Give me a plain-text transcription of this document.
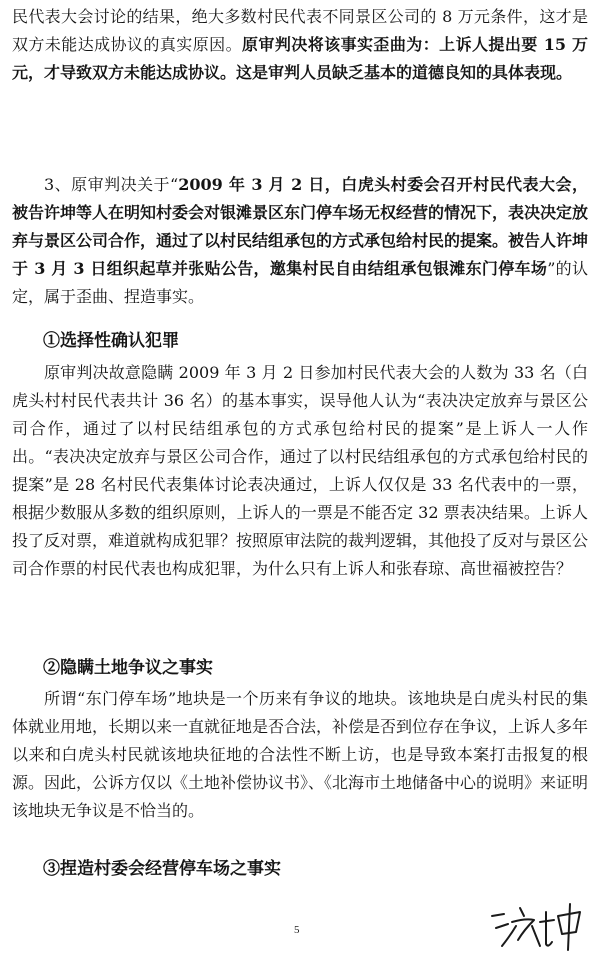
民代表大会讨论的结果，绝大多数村民代表不同景区公司的 8 万元条件，这才是双方未能达成协议的真实原因。原审判决将该事实歪曲为：上诉人提出要 15 万元，才导致双方未能达成协议。这是审判人员缺乏基本的道德良知的具体表现。

3、原审判决关于“2009 年 3 月 2 日，白虎头村委会召开村民代表大会，被告许坤等人在明知村委会对银滩景区东门停车场无权经营的情况下，表决决定放弃与景区公司合作，通过了以村民结组承包的方式承包给村民的提案。被告人许坤于 3 月 3 日组织起草并张贴公告，邀集村民自由结组承包银滩东门停车场”的认定，属于歪曲、捏造事实。

①选择性确认犯罪

原审判决故意隐瞒 2009 年 3 月 2 日参加村民代表大会的人数为 33 名（白虎头村村民代表共计 36 名）的基本事实，误导他人认为“表决决定放弃与景区公司合作，通过了以村民结组承包的方式承包给村民的提案”是上诉人一人作出。“表决决定放弃与景区公司合作，通过了以村民结组承包的方式承包给村民的提案”是 28 名村民代表集体讨论表决通过，上诉人仅仅是 33 名代表中的一票，根据少数服从多数的组织原则，上诉人的一票是不能否定 32 票表决结果。上诉人投了反对票，难道就构成犯罪？按照原审法院的裁判逻辑，其他投了反对与景区公司合作票的村民代表也构成犯罪，为什么只有上诉人和张春琼、高世福被控告？

②隐瞒土地争议之事实

所谓“东门停车场”地块是一个历来有争议的地块。该地块是白虎头村民的集体就业用地，长期以来一直就征地是否合法，补偿是否到位存在争议，上诉人多年以来和白虎头村民就该地块征地的合法性不断上访，也是导致本案打击报复的根源。因此，公诉方仅以《土地补偿协议书》、《北海市土地储备中心的说明》来证明该地块无争议是不恰当的。

③捏造村委会经营停车场之事实

5
